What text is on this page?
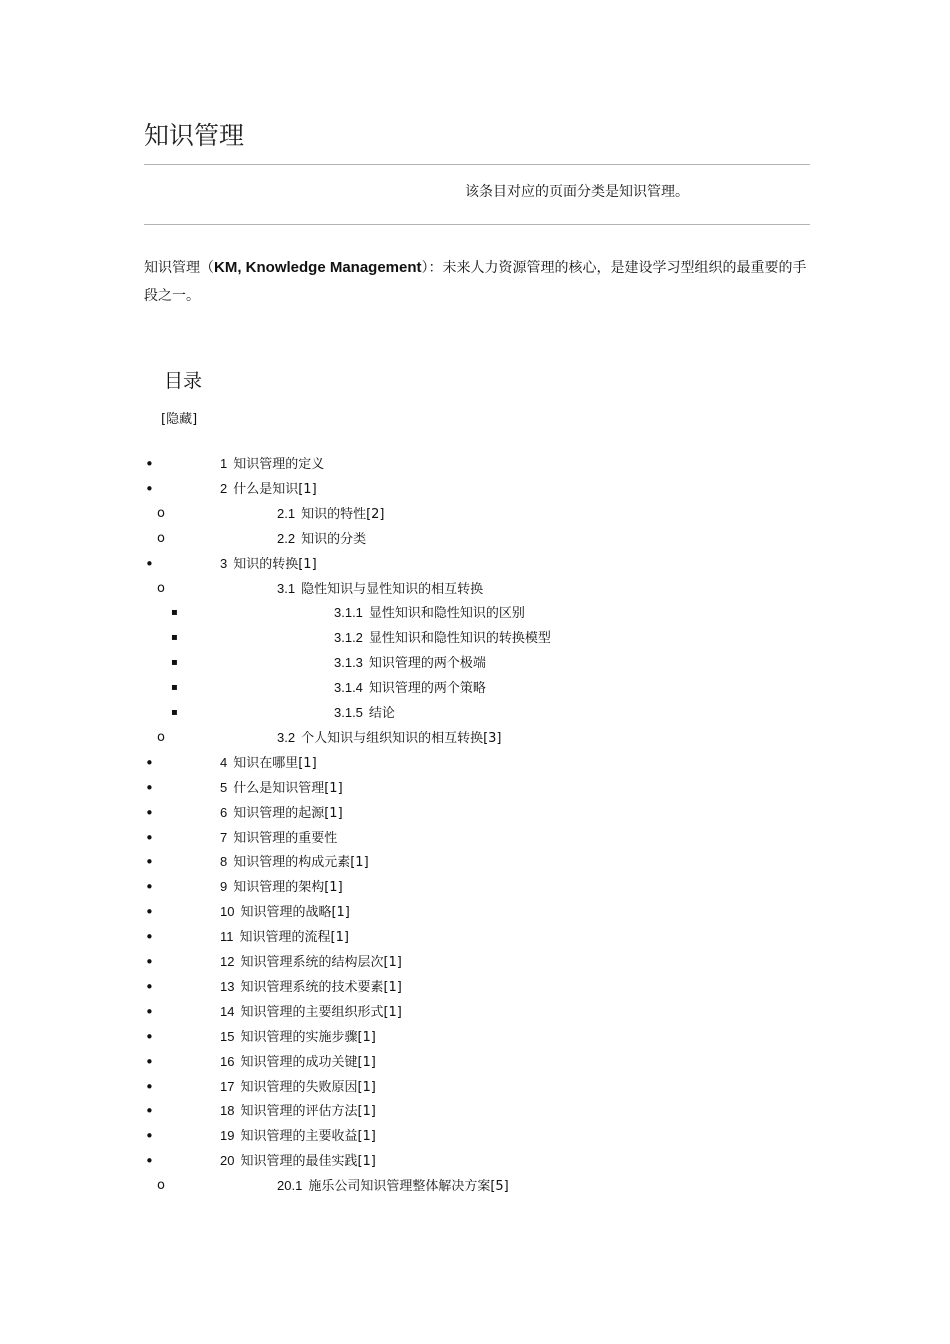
知识管理
该条目对应的页面分类是知识管理。

知识管理（KM, Knowledge Management）：未来人力资源管理的核心，是建设学习型组织的最重要的手段之一。

目录
[隐藏]
•	1 知识管理的定义
•	2 什么是知识[1]
o	2.1 知识的特性[2]
o	2.2 知识的分类
•	3 知识的转换[1]
o	3.1 隐性知识与显性知识的相互转换
▪	3.1.1 显性知识和隐性知识的区别
▪	3.1.2 显性知识和隐性知识的转换模型
▪	3.1.3 知识管理的两个极端
▪	3.1.4 知识管理的两个策略
▪	3.1.5 结论
o	3.2 个人知识与组织知识的相互转换[3]
•	4 知识在哪里[1]
•	5 什么是知识管理[1]
•	6 知识管理的起源[1]
•	7 知识管理的重要性
•	8 知识管理的构成元素[1]
•	9 知识管理的架构[1]
•	10 知识管理的战略[1]
•	11 知识管理的流程[1]
•	12 知识管理系统的结构层次[1]
•	13 知识管理系统的技术要素[1]
•	14 知识管理的主要组织形式[1]
•	15 知识管理的实施步骤[1]
•	16 知识管理的成功关键[1]
•	17 知识管理的失败原因[1]
•	18 知识管理的评估方法[1]
•	19 知识管理的主要收益[1]
•	20 知识管理的最佳实践[1]
o	20.1 施乐公司知识管理整体解决方案[5]
